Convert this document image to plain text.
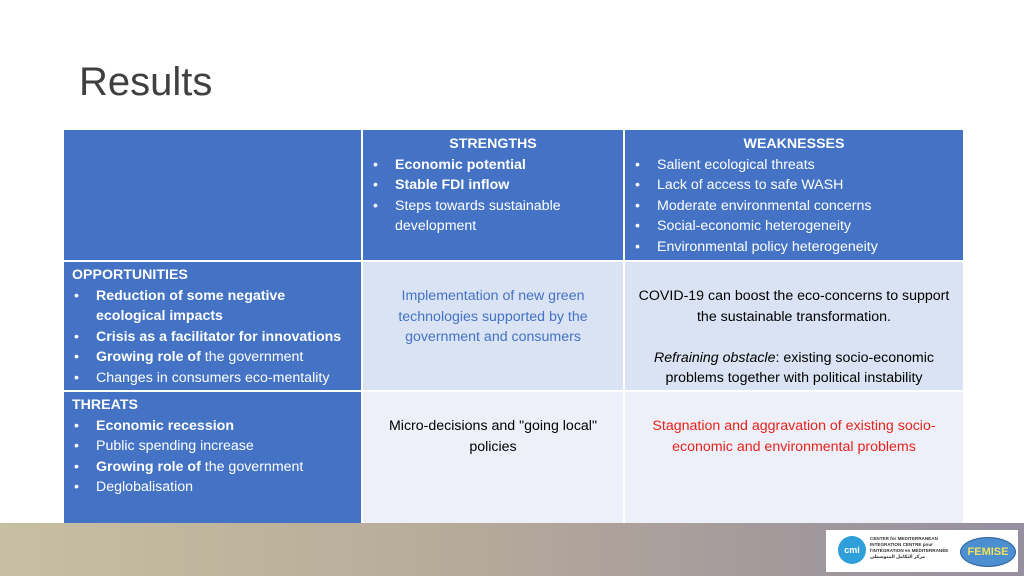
Results
STRENGTHS
• Economic potential
• Stable FDI inflow
• Steps towards sustainable development
WEAKNESSES
• Salient ecological threats
• Lack of access to safe WASH
• Moderate environmental concerns
• Social-economic heterogeneity
• Environmental policy heterogeneity
OPPORTUNITIES
• Reduction of some negative ecological impacts
• Crisis as a facilitator for innovations
• Growing role of the government
• Changes in consumers eco-mentality
THREATS
• Economic recession
• Public spending increase
• Growing role of the government
• Deglobalisation
Implementation of new green technologies supported by the government and consumers
COVID-19 can boost the eco-concerns to support the sustainable transformation.
Refraining obstacle: existing socio-economic problems together with political instability
Micro-decisions and "going local" policies
Stagnation and aggravation of existing socio-economic and environmental problems
cmi
CENTER for MEDITERRANEAN
INTEGRATION CENTRE pour
l'INTÉGRATION en MÉDITERRANÉE
مركز التكامل المتوسطي	FEMISE
